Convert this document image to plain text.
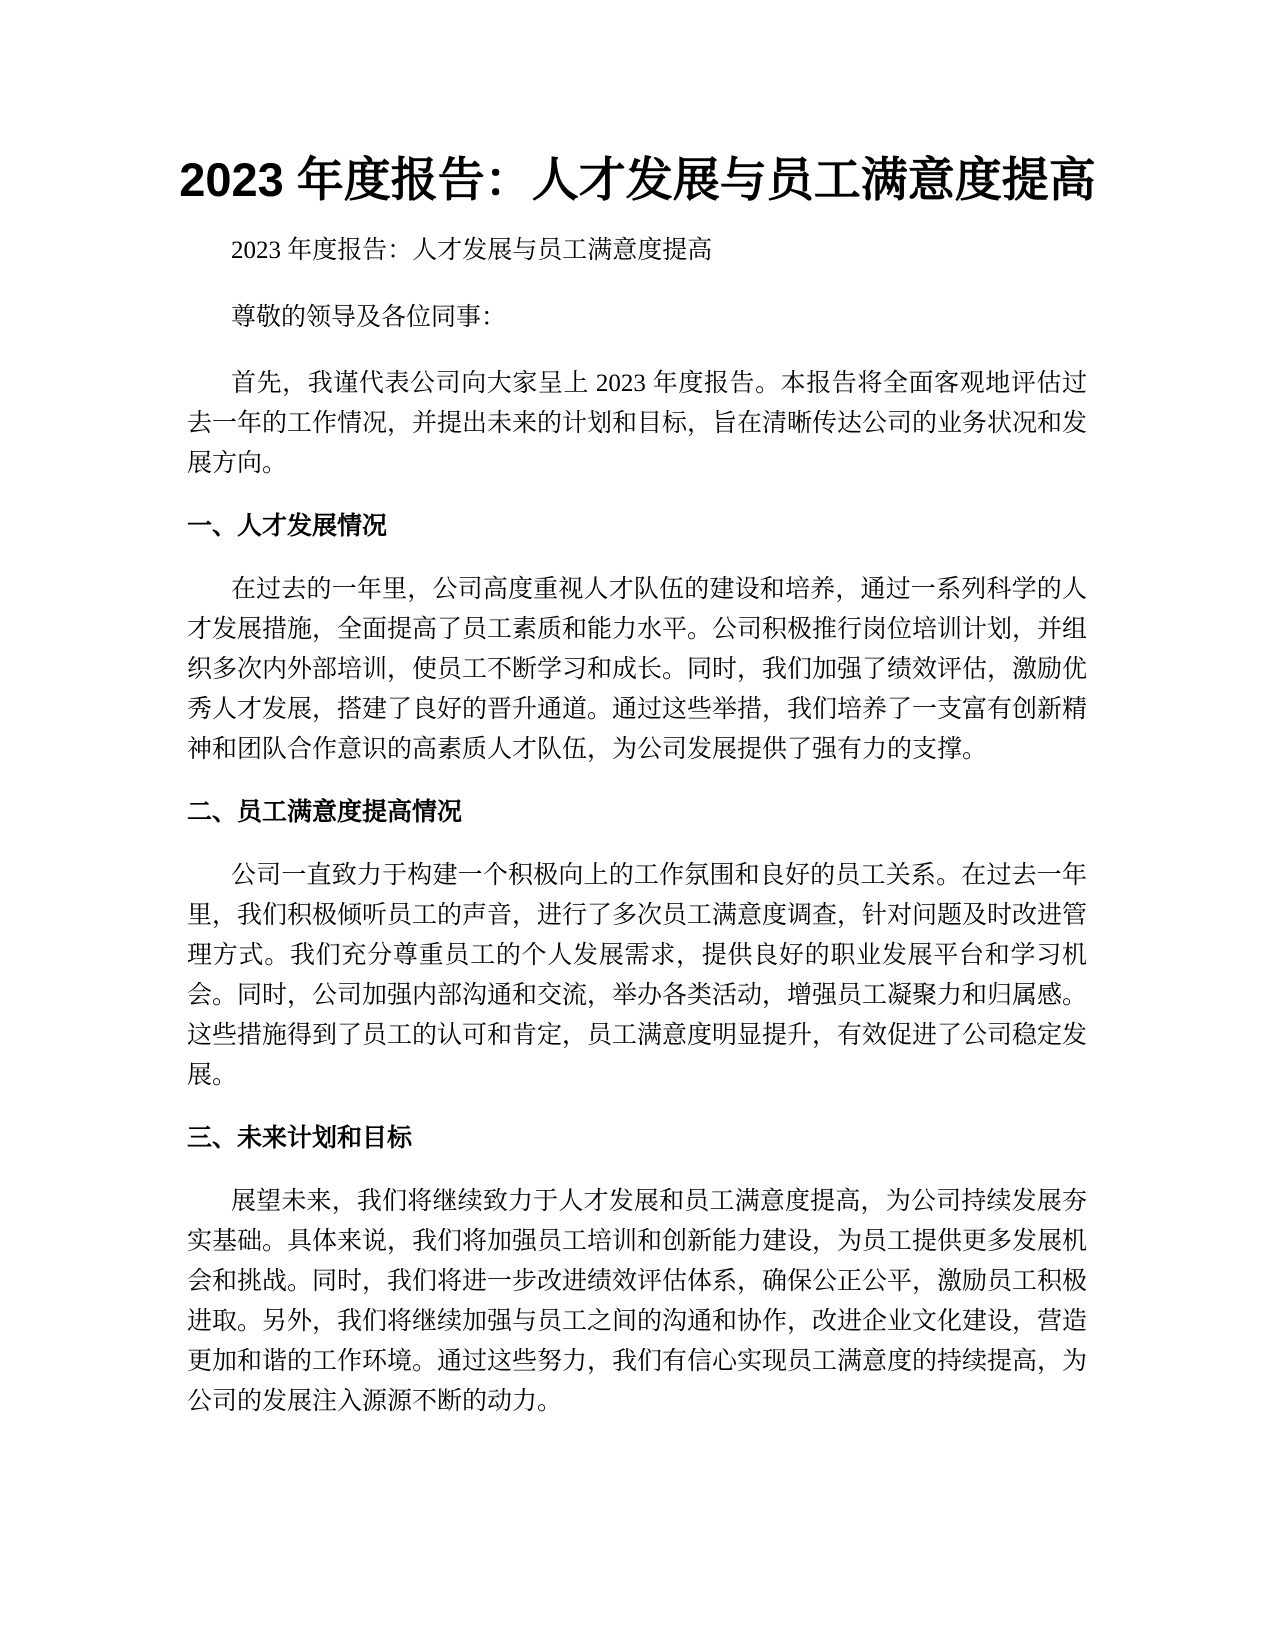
2023 年度报告：人才发展与员工满意度提高

2023 年度报告：人才发展与员工满意度提高

尊敬的领导及各位同事：

首先，我谨代表公司向大家呈上 2023 年度报告。本报告将全面客观地评估过去一年的工作情况，并提出未来的计划和目标，旨在清晰传达公司的业务状况和发展方向。

一、人才发展情况

在过去的一年里，公司高度重视人才队伍的建设和培养，通过一系列科学的人才发展措施，全面提高了员工素质和能力水平。公司积极推行岗位培训计划，并组织多次内外部培训，使员工不断学习和成长。同时，我们加强了绩效评估，激励优秀人才发展，搭建了良好的晋升通道。通过这些举措，我们培养了一支富有创新精神和团队合作意识的高素质人才队伍，为公司发展提供了强有力的支撑。

二、员工满意度提高情况

公司一直致力于构建一个积极向上的工作氛围和良好的员工关系。在过去一年里，我们积极倾听员工的声音，进行了多次员工满意度调查，针对问题及时改进管理方式。我们充分尊重员工的个人发展需求，提供良好的职业发展平台和学习机会。同时，公司加强内部沟通和交流，举办各类活动，增强员工凝聚力和归属感。这些措施得到了员工的认可和肯定，员工满意度明显提升，有效促进了公司稳定发展。

三、未来计划和目标

展望未来，我们将继续致力于人才发展和员工满意度提高，为公司持续发展夯实基础。具体来说，我们将加强员工培训和创新能力建设，为员工提供更多发展机会和挑战。同时，我们将进一步改进绩效评估体系，确保公正公平，激励员工积极进取。另外，我们将继续加强与员工之间的沟通和协作，改进企业文化建设，营造更加和谐的工作环境。通过这些努力，我们有信心实现员工满意度的持续提高，为公司的发展注入源源不断的动力。
